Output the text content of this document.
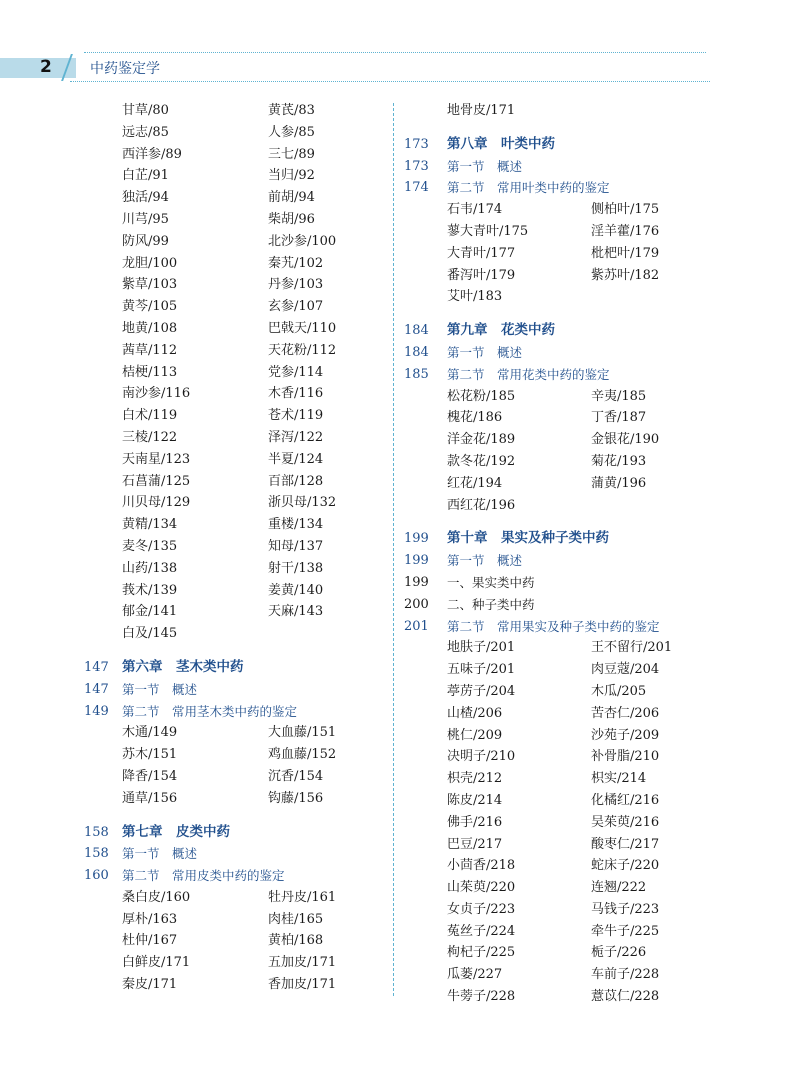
2	中药鉴定学
甘草/80	黄芪/83
远志/85	人参/85
西洋参/89	三七/89
白芷/91	当归/92
独活/94	前胡/94
川芎/95	柴胡/96
防风/99	北沙参/100
龙胆/100	秦艽/102
紫草/103	丹参/103
黄芩/105	玄参/107
地黄/108	巴戟天/110
茜草/112	天花粉/112
桔梗/113	党参/114
南沙参/116	木香/116
白术/119	苍术/119
三棱/122	泽泻/122
天南星/123	半夏/124
石菖蒲/125	百部/128
川贝母/129	浙贝母/132
黄精/134	重楼/134
麦冬/135	知母/137
山药/138	射干/138
莪术/139	姜黄/140
郁金/141	天麻/143
白及/145
147 第六章　茎木类中药
147 第一节　概述
149 第二节　常用茎木类中药的鉴定
木通/149	大血藤/151
苏木/151	鸡血藤/152
降香/154	沉香/154
通草/156	钩藤/156
158 第七章　皮类中药
158 第一节　概述
160 第二节　常用皮类中药的鉴定
桑白皮/160	牡丹皮/161
厚朴/163	肉桂/165
杜仲/167	黄柏/168
白鲜皮/171	五加皮/171
秦皮/171	香加皮/171
地骨皮/171
173 第八章　叶类中药
173 第一节　概述
174 第二节　常用叶类中药的鉴定
石韦/174	侧柏叶/175
蓼大青叶/175	淫羊藿/176
大青叶/177	枇杷叶/179
番泻叶/179	紫苏叶/182
艾叶/183
184 第九章　花类中药
184 第一节　概述
185 第二节　常用花类中药的鉴定
松花粉/185	辛夷/185
槐花/186	丁香/187
洋金花/189	金银花/190
款冬花/192	菊花/193
红花/194	蒲黄/196
西红花/196
199 第十章　果实及种子类中药
199 第一节　概述
199 一、果实类中药
200 二、种子类中药
201 第二节　常用果实及种子类中药的鉴定
地肤子/201	王不留行/201
五味子/201	肉豆蔻/204
葶苈子/204	木瓜/205
山楂/206	苦杏仁/206
桃仁/209	沙苑子/209
决明子/210	补骨脂/210
枳壳/212	枳实/214
陈皮/214	化橘红/216
佛手/216	吴茱萸/216
巴豆/217	酸枣仁/217
小茴香/218	蛇床子/220
山茱萸/220	连翘/222
女贞子/223	马钱子/223
菟丝子/224	牵牛子/225
枸杞子/225	栀子/226
瓜蒌/227	车前子/228
牛蒡子/228	薏苡仁/228
